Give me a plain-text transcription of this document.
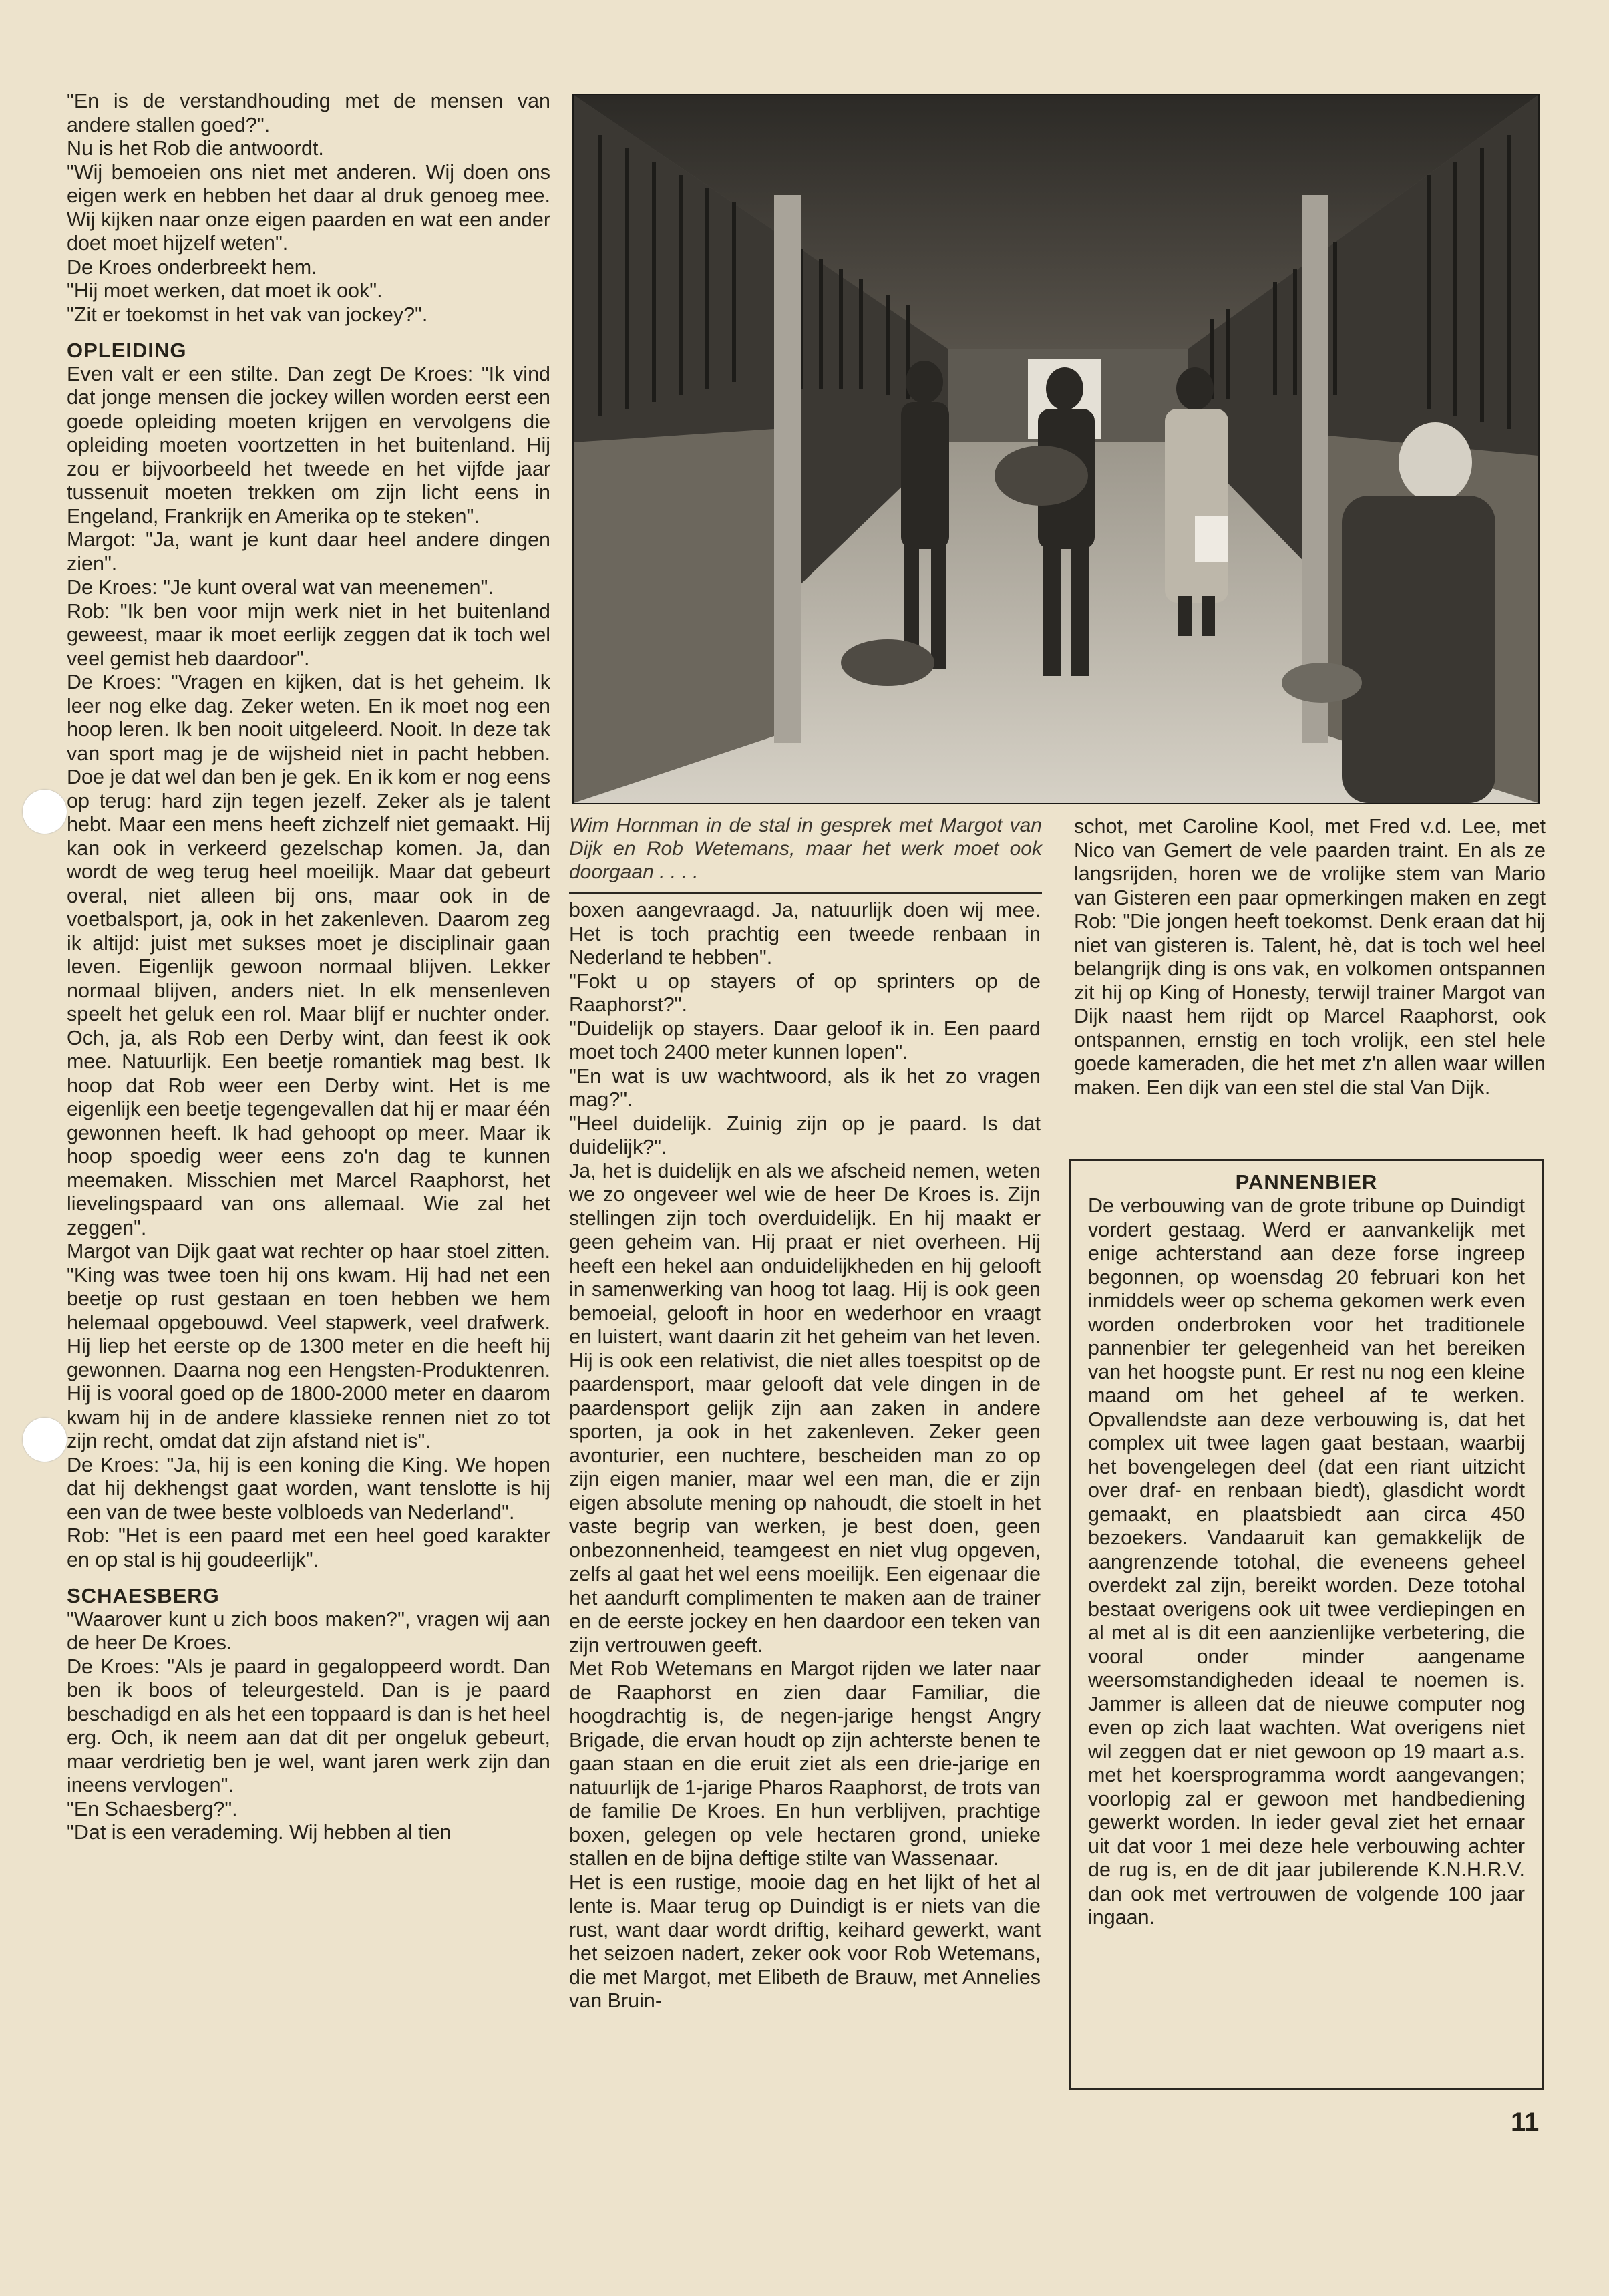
"En is de verstandhouding met de mensen van andere stallen goed?".

Nu is het Rob die antwoordt.

"Wij bemoeien ons niet met anderen. Wij doen ons eigen werk en hebben het daar al druk genoeg mee. Wij kijken naar onze eigen paarden en wat een ander doet moet hijzelf weten".

De Kroes onderbreekt hem.

"Hij moet werken, dat moet ik ook".

"Zit er toekomst in het vak van jockey?".

OPLEIDING

Even valt er een stilte. Dan zegt De Kroes: "Ik vind dat jonge mensen die jockey willen worden eerst een goede opleiding moeten krijgen en vervolgens die opleiding moeten voortzetten in het buitenland. Hij zou er bijvoorbeeld het tweede en het vijfde jaar tussenuit moeten trekken om zijn licht eens in Engeland, Frankrijk en Amerika op te steken".

Margot: "Ja, want je kunt daar heel andere dingen zien".

De Kroes: "Je kunt overal wat van meenemen".

Rob: "Ik ben voor mijn werk niet in het buitenland geweest, maar ik moet eerlijk zeggen dat ik toch wel veel gemist heb daardoor".

De Kroes: "Vragen en kijken, dat is het geheim. Ik leer nog elke dag. Zeker weten. En ik moet nog een hoop leren. Ik ben nooit uitgeleerd. Nooit. In deze tak van sport mag je de wijsheid niet in pacht hebben. Doe je dat wel dan ben je gek. En ik kom er nog eens op terug: hard zijn tegen jezelf. Zeker als je talent hebt. Maar een mens heeft zichzelf niet gemaakt. Hij kan ook in verkeerd gezelschap komen. Ja, dan wordt de weg terug heel moeilijk. Maar dat gebeurt overal, niet alleen bij ons, maar ook in de voetbalsport, ja, ook in het zakenleven. Daarom zeg ik altijd: juist met sukses moet je disciplinair gaan leven. Eigenlijk gewoon normaal blijven. Lekker normaal blijven, anders niet. In elk mensenleven speelt het geluk een rol. Maar blijf er nuchter onder. Och, ja, als Rob een Derby wint, dan feest ik ook mee. Natuurlijk. Een beetje romantiek mag best. Ik hoop dat Rob weer een Derby wint. Het is me eigenlijk een beetje tegengevallen dat hij er maar één gewonnen heeft. Ik had gehoopt op meer. Maar ik hoop spoedig weer eens zo'n dag te kunnen meemaken. Misschien met Marcel Raaphorst, het lievelingspaard van ons allemaal. Wie zal het zeggen".

Margot van Dijk gaat wat rechter op haar stoel zitten. "King was twee toen hij ons kwam. Hij had net een beetje op rust gestaan en toen hebben we hem helemaal opgebouwd. Veel stapwerk, veel drafwerk. Hij liep het eerste op de 1300 meter en die heeft hij gewonnen. Daarna nog een Hengsten-Produktenren. Hij is vooral goed op de 1800-2000 meter en daarom kwam hij in de andere klassieke rennen niet zo tot zijn recht, omdat dat zijn afstand niet is".

De Kroes: "Ja, hij is een koning die King. We hopen dat hij dekhengst gaat worden, want tenslotte is hij een van de twee beste volbloeds van Nederland".

Rob: "Het is een paard met een heel goed karakter en op stal is hij goudeerlijk".

SCHAESBERG

"Waarover kunt u zich boos maken?", vragen wij aan de heer De Kroes.

De Kroes: "Als je paard in gegaloppeerd wordt. Dan ben ik boos of teleurgesteld. Dan is je paard beschadigd en als het een toppaard is dan is het heel erg. Och, ik neem aan dat dit per ongeluk gebeurt, maar verdrietig ben je wel, want jaren werk zijn dan ineens vervlogen".

"En Schaesberg?".

"Dat is een verademing. Wij hebben al tien

Wim Hornman in de stal in gesprek met Margot van Dijk en Rob Wetemans, maar het werk moet ook doorgaan . . . .

boxen aangevraagd. Ja, natuurlijk doen wij mee. Het is toch prachtig een tweede renbaan in Nederland te hebben".

"Fokt u op stayers of op sprinters op de Raaphorst?".

"Duidelijk op stayers. Daar geloof ik in. Een paard moet toch 2400 meter kunnen lopen".

"En wat is uw wachtwoord, als ik het zo vragen mag?".

"Heel duidelijk. Zuinig zijn op je paard. Is dat duidelijk?".

Ja, het is duidelijk en als we afscheid nemen, weten we zo ongeveer wel wie de heer De Kroes is. Zijn stellingen zijn toch overduidelijk. En hij maakt er geen geheim van. Hij praat er niet overheen. Hij heeft een hekel aan onduidelijkheden en hij gelooft in samenwerking van hoog tot laag. Hij is ook geen bemoeial, gelooft in hoor en wederhoor en vraagt en luistert, want daarin zit het geheim van het leven. Hij is ook een relativist, die niet alles toespitst op de paardensport, maar gelooft dat vele dingen in de paardensport gelijk zijn aan zaken in andere sporten, ja ook in het zakenleven. Zeker geen avonturier, een nuchtere, bescheiden man zo op zijn eigen manier, maar wel een man, die er zijn eigen absolute mening op nahoudt, die stoelt in het vaste begrip van werken, je best doen, geen onbezonnenheid, teamgeest en niet vlug opgeven, zelfs al gaat het wel eens moeilijk. Een eigenaar die het aandurft complimenten te maken aan de trainer en de eerste jockey en hen daardoor een teken van zijn vertrouwen geeft.

Met Rob Wetemans en Margot rijden we later naar de Raaphorst en zien daar Familiar, die hoogdrachtig is, de negen-jarige hengst Angry Brigade, die ervan houdt op zijn achterste benen te gaan staan en die eruit ziet als een drie-jarige en natuurlijk de 1-jarige Pharos Raaphorst, de trots van de familie De Kroes. En hun verblijven, prachtige boxen, gelegen op vele hectaren grond, unieke stallen en de bijna deftige stilte van Wassenaar.

Het is een rustige, mooie dag en het lijkt of het al lente is. Maar terug op Duindigt is er niets van die rust, want daar wordt driftig, keihard gewerkt, want het seizoen nadert, zeker ook voor Rob Wetemans, die met Margot, met Elibeth de Brauw, met Annelies van Bruin-

schot, met Caroline Kool, met Fred v.d. Lee, met Nico van Gemert de vele paarden traint. En als ze langsrijden, horen we de vrolijke stem van Mario van Gisteren een paar opmerkingen maken en zegt Rob: "Die jongen heeft toekomst. Denk eraan dat hij niet van gisteren is. Talent, hè, dat is toch wel heel belangrijk ding is ons vak, en volkomen ontspannen zit hij op King of Honesty, terwijl trainer Margot van Dijk naast hem rijdt op Marcel Raaphorst, ook ontspannen, ernstig en toch vrolijk, een stel hele goede kameraden, die het met z'n allen waar willen maken. Een dijk van een stel die stal Van Dijk.

PANNENBIER
De verbouwing van de grote tribune op Duindigt vordert gestaag. Werd er aanvankelijk met enige achterstand aan deze forse ingreep begonnen, op woensdag 20 februari kon het inmiddels weer op schema gekomen werk even worden onderbroken voor het traditionele pannenbier ter gelegenheid van het bereiken van het hoogste punt. Er rest nu nog een kleine maand om het geheel af te werken. Opvallendste aan deze verbouwing is, dat het complex uit twee lagen gaat bestaan, waarbij het bovengelegen deel (dat een riant uitzicht over draf- en renbaan biedt), glasdicht wordt gemaakt, en plaatsbiedt aan circa 450 bezoekers. Vandaaruit kan gemakkelijk de aangrenzende totohal, die eveneens geheel overdekt zal zijn, bereikt worden. Deze totohal bestaat overigens ook uit twee verdiepingen en al met al is dit een aanzienlijke verbetering, die vooral onder minder aangename weersomstandigheden ideaal te noemen is. Jammer is alleen dat de nieuwe computer nog even op zich laat wachten. Wat overigens niet wil zeggen dat er niet gewoon op 19 maart a.s. met het koersprogramma wordt aangevangen; voorlopig zal er gewoon met handbediening gewerkt worden. In ieder geval ziet het ernaar uit dat voor 1 mei deze hele verbouwing achter de rug is, en de dit jaar jubilerende K.N.H.R.V. dan ook met vertrouwen de volgende 100 jaar ingaan.
11
